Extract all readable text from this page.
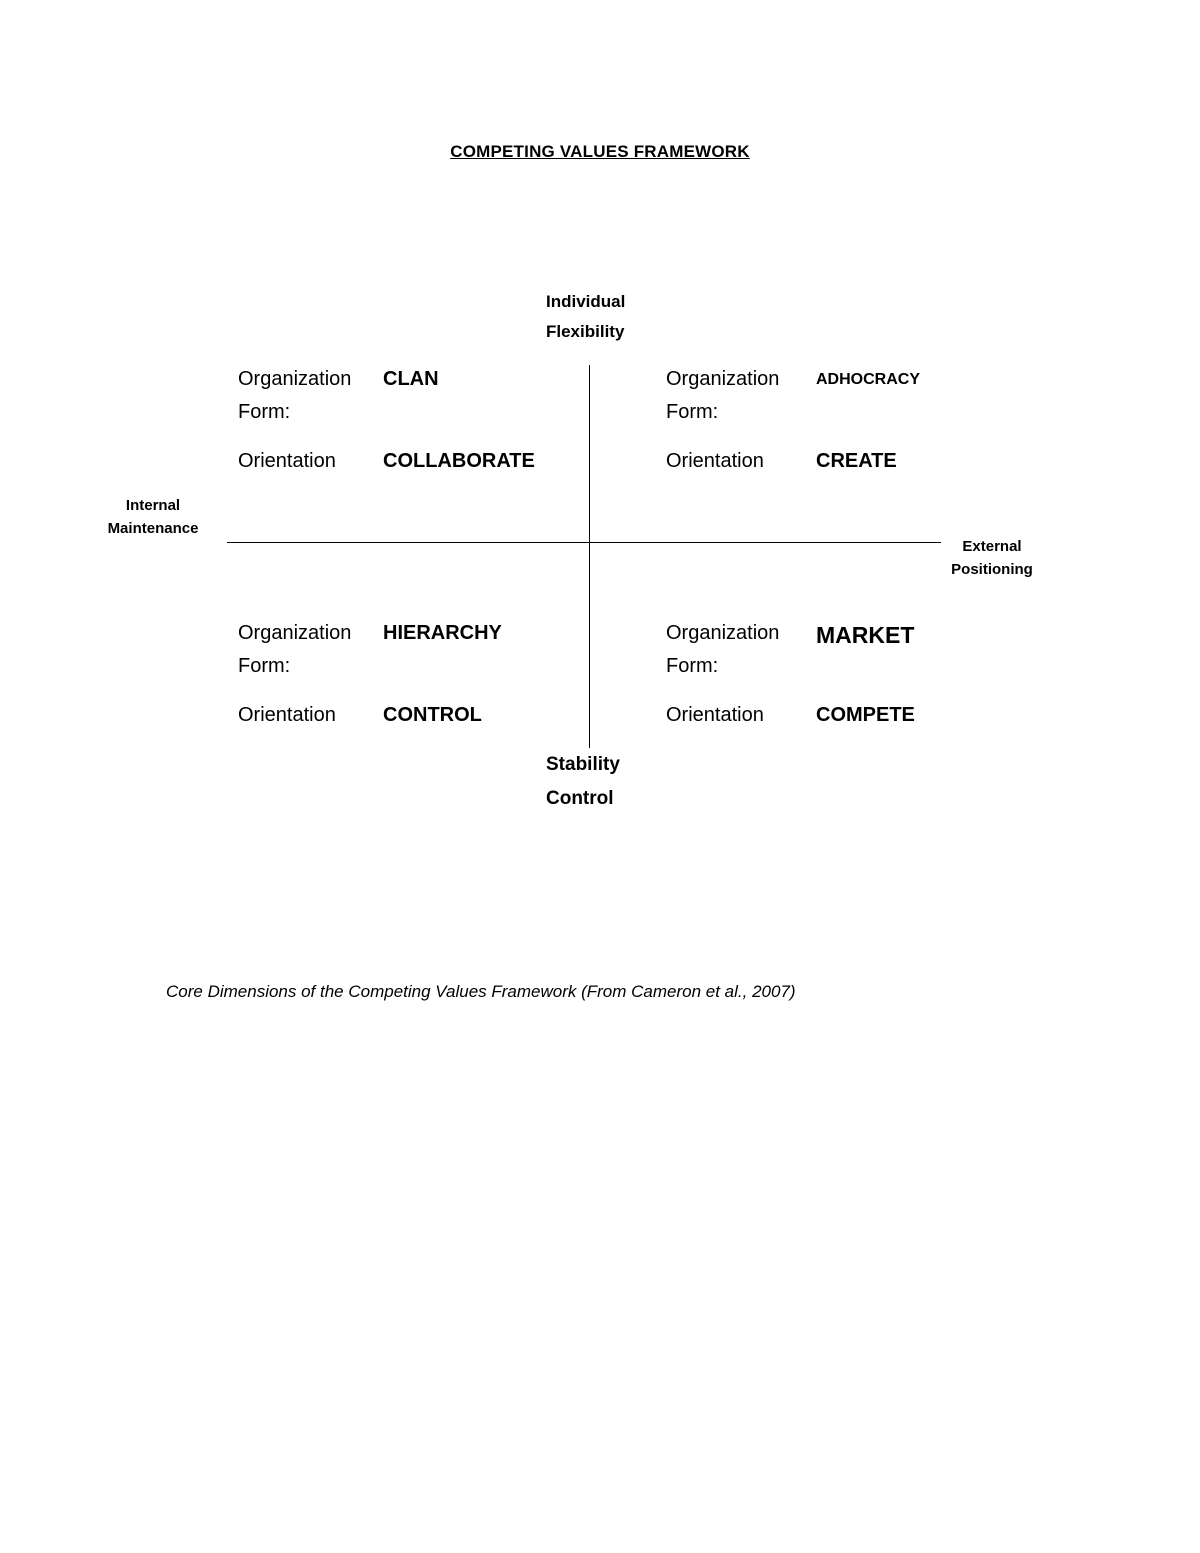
COMPETING VALUES FRAMEWORK
Individual
Flexibility
Stability
Control
Internal
Maintenance
External
Positioning
Organization Form:
CLAN
Orientation	COLLABORATE
Organization Form:
ADHOCRACY
Orientation	CREATE
Organization Form:
HIERARCHY
Orientation	CONTROL
Organization Form:
MARKET
Orientation	COMPETE
Core Dimensions of the Competing Values Framework (From Cameron et al., 2007)
